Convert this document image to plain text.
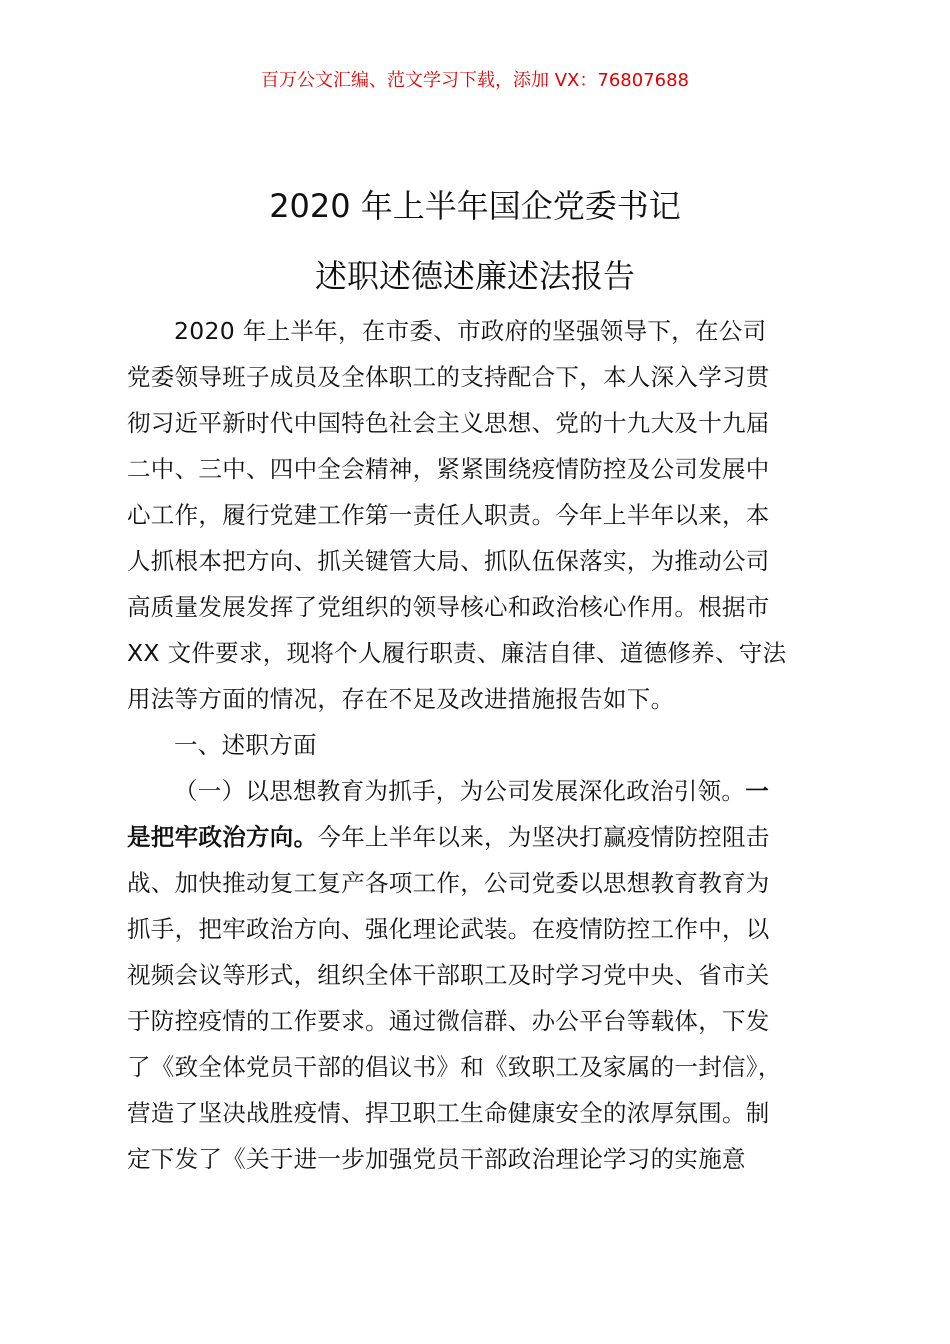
百万公文汇编、范文学习下载，添加 VX：76807688
2020 年上半年国企党委书记
述职述德述廉述法报告
2020 年上半年，在市委、市政府的坚强领导下，在公司
党委领导班子成员及全体职工的支持配合下，本人深入学习贯
彻习近平新时代中国特色社会主义思想、党的十九大及十九届
二中、三中、四中全会精神，紧紧围绕疫情防控及公司发展中
心工作，履行党建工作第一责任人职责。今年上半年以来，本
人抓根本把方向、抓关键管大局、抓队伍保落实，为推动公司
高质量发展发挥了党组织的领导核心和政治核心作用。根据市
XX 文件要求，现将个人履行职责、廉洁自律、道德修养、守法
用法等方面的情况，存在不足及改进措施报告如下。
一、述职方面
（一）以思想教育为抓手，为公司发展深化政治引领。一
是把牢政治方向。今年上半年以来，为坚决打赢疫情防控阻击
战、加快推动复工复产各项工作，公司党委以思想教育教育为
抓手，把牢政治方向、强化理论武装。在疫情防控工作中，以
视频会议等形式，组织全体干部职工及时学习党中央、省市关
于防控疫情的工作要求。通过微信群、办公平台等载体，下发
了《致全体党员干部的倡议书》和《致职工及家属的一封信》，
营造了坚决战胜疫情、捍卫职工生命健康安全的浓厚氛围。制
定下发了《关于进一步加强党员干部政治理论学习的实施意
